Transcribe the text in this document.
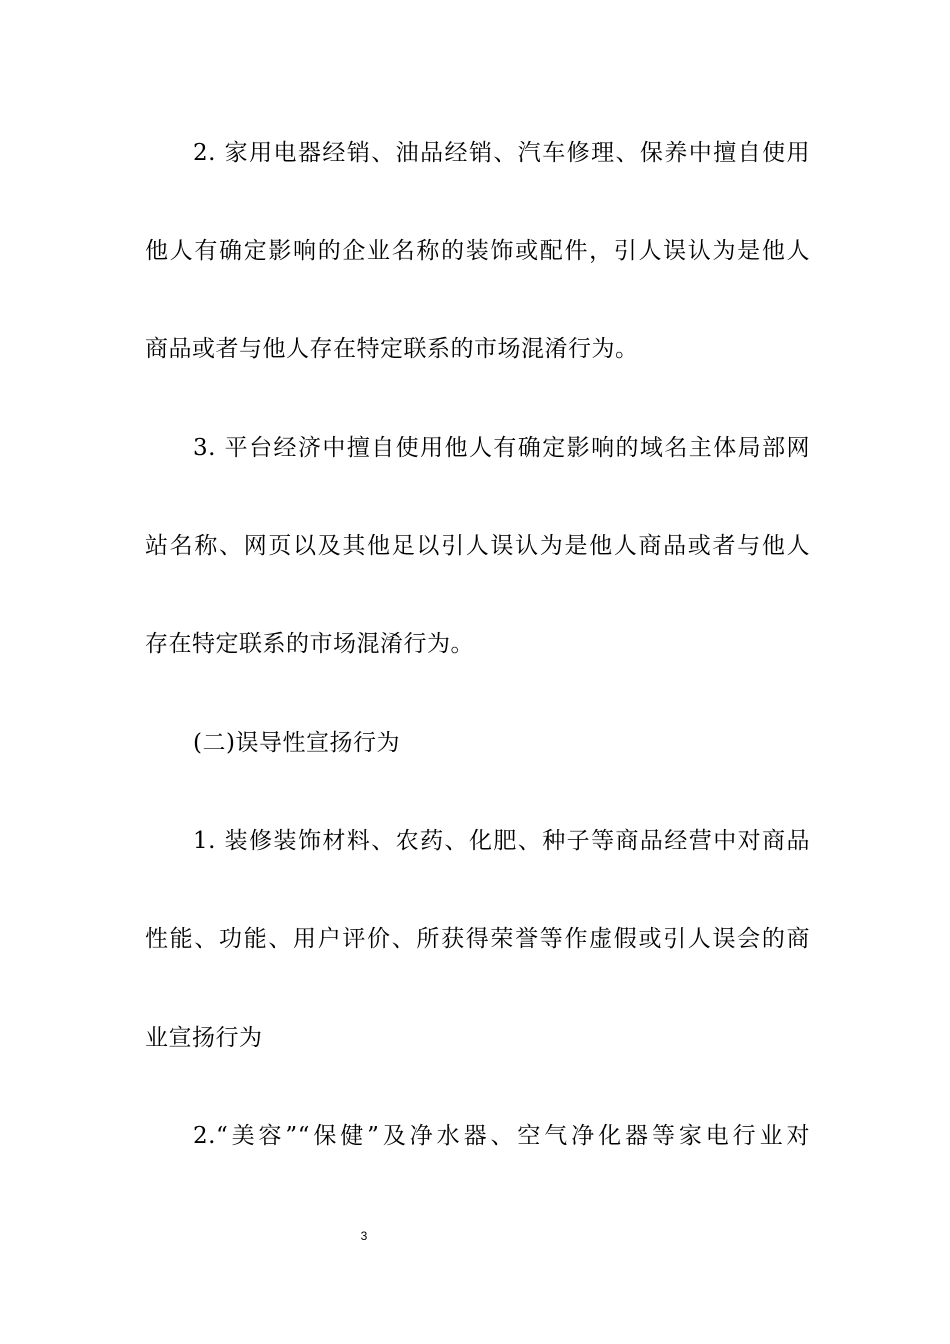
2. 家用电器经销、油品经销、汽车修理、保养中擅自使用
他人有确定影响的企业名称的装饰或配件，引人误认为是他人
商品或者与他人存在特定联系的市场混淆行为。
3. 平台经济中擅自使用他人有确定影响的域名主体局部网
站名称、网页以及其他足以引人误认为是他人商品或者与他人
存在特定联系的市场混淆行为。
(二)误导性宣扬行为
1. 装修装饰材料、农药、化肥、种子等商品经营中对商品
性能、功能、用户评价、所获得荣誉等作虚假或引人误会的商
业宣扬行为
2.“美容”“保健”及净水器、空气净化器等家电行业对
3
